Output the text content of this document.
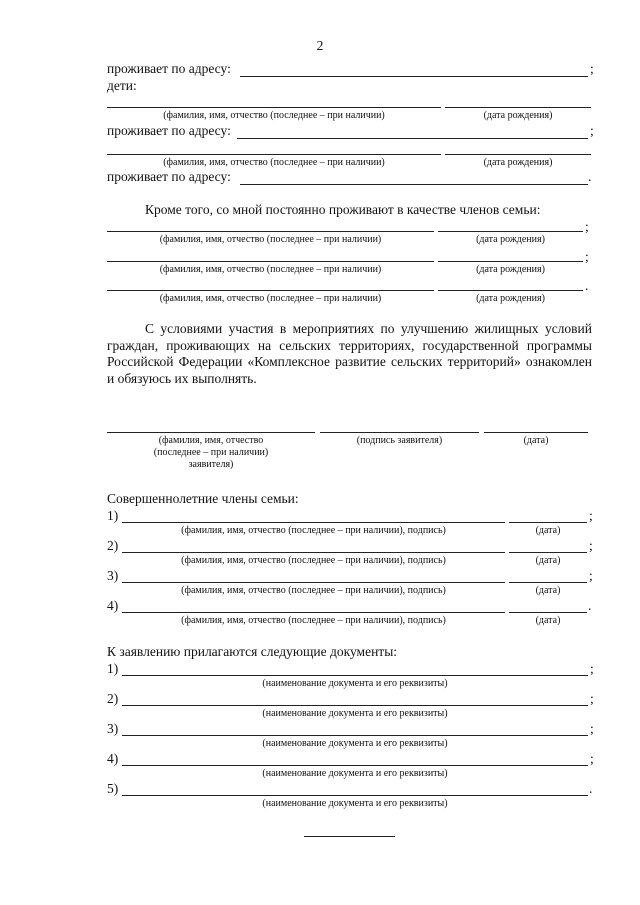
2
проживает по адресу:	;
дети:
(фамилия, имя, отчество (последнее – при наличии)	(дата рождения)
проживает по адресу:	;
(фамилия, имя, отчество (последнее – при наличии)	(дата рождения)
проживает по адресу:	.
Кроме того, со мной постоянно проживают в качестве членов семьи:
;
(фамилия, имя, отчество (последнее – при наличии)	(дата рождения)
;
(фамилия, имя, отчество (последнее – при наличии)	(дата рождения)
.
(фамилия, имя, отчество (последнее – при наличии)	(дата рождения)
С условиями участия в мероприятиях по улучшению жилищных условий граждан, проживающих на сельских территориях, государственной программы Российской Федерации «Комплексное развитие сельских территорий» ознакомлен и обязуюсь их выполнять.
(фамилия, имя, отчество
(последнее – при наличии)
заявителя)
(подпись заявителя)	(дата)
Совершеннолетние члены семьи:
1)	;
(фамилия, имя, отчество (последнее – при наличии), подпись)	(дата)
2)	;
(фамилия, имя, отчество (последнее – при наличии), подпись)	(дата)
3)	;
(фамилия, имя, отчество (последнее – при наличии), подпись)	(дата)
4)	.
(фамилия, имя, отчество (последнее – при наличии), подпись)	(дата)
К заявлению прилагаются следующие документы:
1)	;
(наименование документа и его реквизиты)
2)	;
(наименование документа и его реквизиты)
3)	;
(наименование документа и его реквизиты)
4)	;
(наименование документа и его реквизиты)
5)	.
(наименование документа и его реквизиты)
